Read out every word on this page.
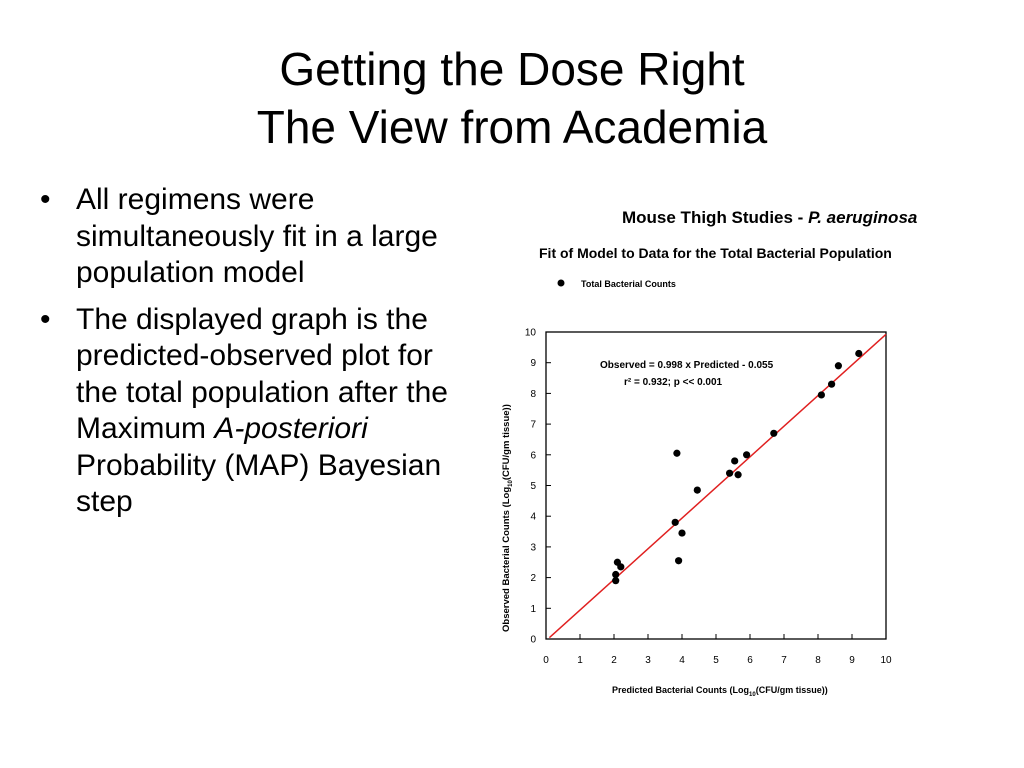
Getting the Dose Right
The View from Academia
• All regimens were simultaneously fit in a large population model
• The displayed graph is the predicted-observed plot for the total population after the Maximum A-posteriori Probability (MAP) Bayesian step
Mouse Thigh Studies - P. aeruginosa
Fit of Model to Data for the Total Bacterial Population
Total Bacterial Counts
0
1
2
3
4
5
6
7
8
9
10
0	1	2	3	4	5	6	7	8	9	10
Observed = 0.998 x Predicted - 0.055
r² = 0.932; p << 0.001
Predicted Bacterial Counts (Log$_{10}$(CFU/gm tissue))
Observed Bacterial Counts (Log$_{10}$(CFU/gm tissue))
